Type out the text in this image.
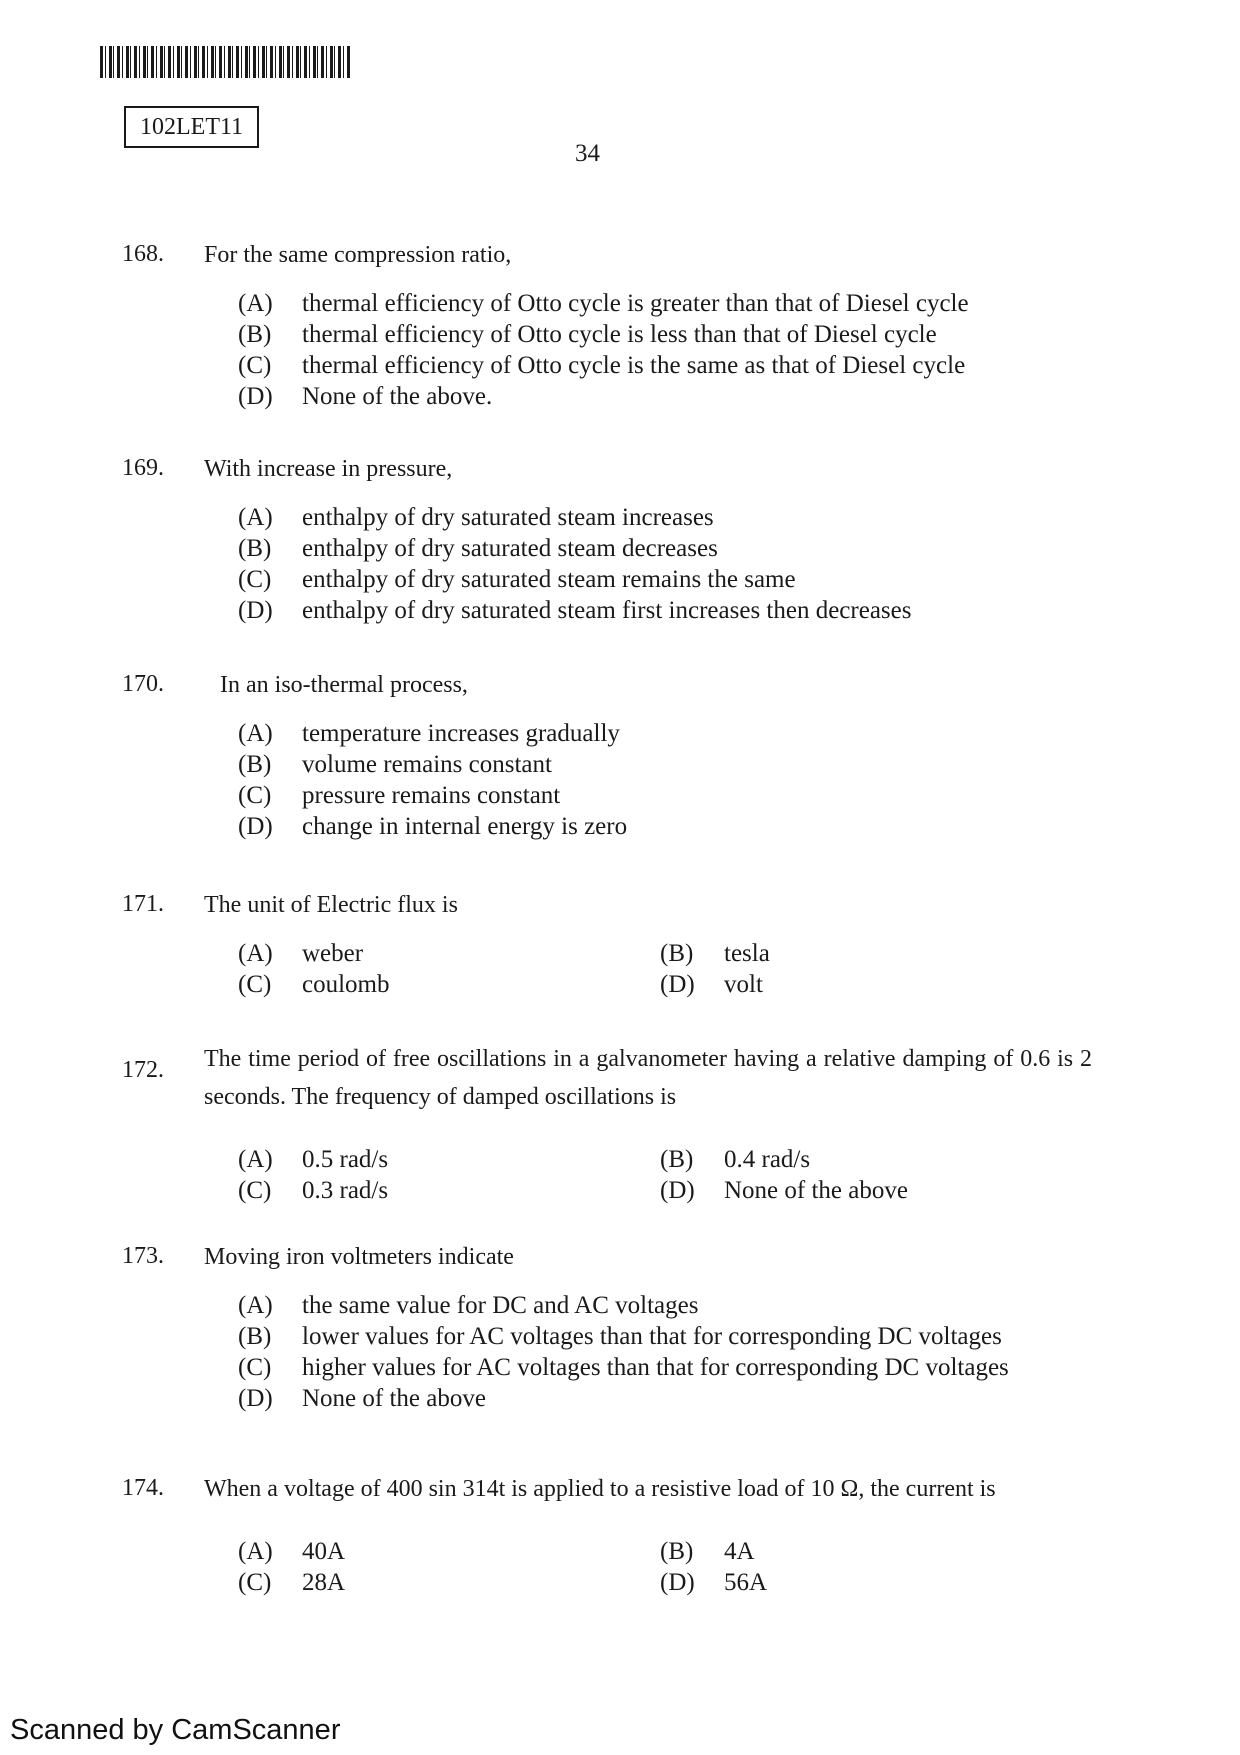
102LET11
34
168.	For the same compression ratio,
(A)	thermal efficiency of Otto cycle is greater than that of Diesel cycle
(B)	thermal efficiency of Otto cycle is less than that of Diesel cycle
(C)	thermal efficiency of Otto cycle is the same as that of Diesel cycle
(D)	None of the above.
169.	With increase in pressure,
(A)	enthalpy of dry saturated steam increases
(B)	enthalpy of dry saturated steam decreases
(C)	enthalpy of dry saturated steam remains the same
(D)	enthalpy of dry saturated steam first increases then decreases
170.	In an iso-thermal process,
(A)	temperature increases gradually
(B)	volume remains constant
(C)	pressure remains constant
(D)	change in internal energy is zero
171.	The unit of Electric flux is
(A)	weber	(B)	tesla
(C)	coulomb	(D)	volt
172.	The time period of free oscillations in a galvanometer having a relative damping of 0.6 is 2 seconds. The frequency of damped oscillations is
(A)	0.5 rad/s	(B)	0.4 rad/s
(C)	0.3 rad/s	(D)	None of the above
173.	Moving iron voltmeters indicate
(A)	the same value for DC and AC voltages
(B)	lower values for AC voltages than that for corresponding DC voltages
(C)	higher values for AC voltages than that for corresponding DC voltages
(D)	None of the above
174.	When a voltage of 400 sin 314t is applied to a resistive load of 10 Ω, the current is
(A)	40A	(B)	4A
(C)	28A	(D)	56A
Scanned by CamScanner
